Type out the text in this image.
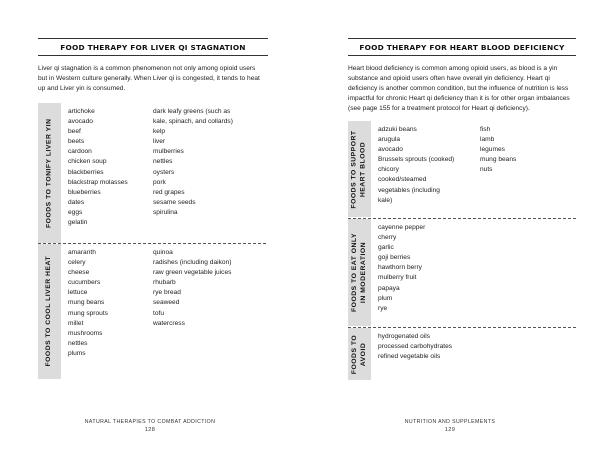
FOOD THERAPY FOR LIVER QI STAGNATION
Liver qi stagnation is a common phenomenon not only among opioid users but in Western culture generally. When Liver qi is congested, it tends to heat up and Liver yin is consumed.
FOODS TO TONIFY LIVER YIN
artichoke
avocado
beef
beets
cardoon
chicken soup
blackberries
blackstrap molasses
blueberries
dates
eggs
gelatin
dark leafy greens (such as
kale, spinach, and collards)
kelp
liver
mulberries
nettles
oysters
pork
red grapes
sesame seeds
spirulina
FOODS TO COOL LIVER HEAT
amaranth
celery
cheese
cucumbers
lettuce
mung beans
mung sprouts
millet
mushrooms
nettles
plums
quinoa
radishes (including daikon)
raw green vegetable juices
rhubarb
rye bread
seaweed
tofu
watercress
NATURAL THERAPIES TO COMBAT ADDICTION
128
FOOD THERAPY FOR HEART BLOOD DEFICIENCY
Heart blood deficiency is common among opioid users, as blood is a yin substance and opioid users often have overall yin deficiency. Heart qi deficiency is another common condition, but the influence of nutrition is less impactful for chronic Heart qi deficiency than it is for other organ imbalances (see page 155 for a treatment protocol for Heart qi deficiency).
FOODS TO SUPPORT HEART BLOOD
adzuki beans
arugula
avocado
Brussels sprouts (cooked)
chicory
cooked/steamed
vegetables (including
kale)
fish
lamb
legumes
mung beans
nuts
FOODS TO EAT ONLY IN MODERATION
cayenne pepper
cherry
garlic
goji berries
hawthorn berry
mulberry fruit
papaya
plum
rye
FOODS TO AVOID
hydrogenated oils
processed carbohydrates
refined vegetable oils
NUTRITION AND SUPPLEMENTS
129
